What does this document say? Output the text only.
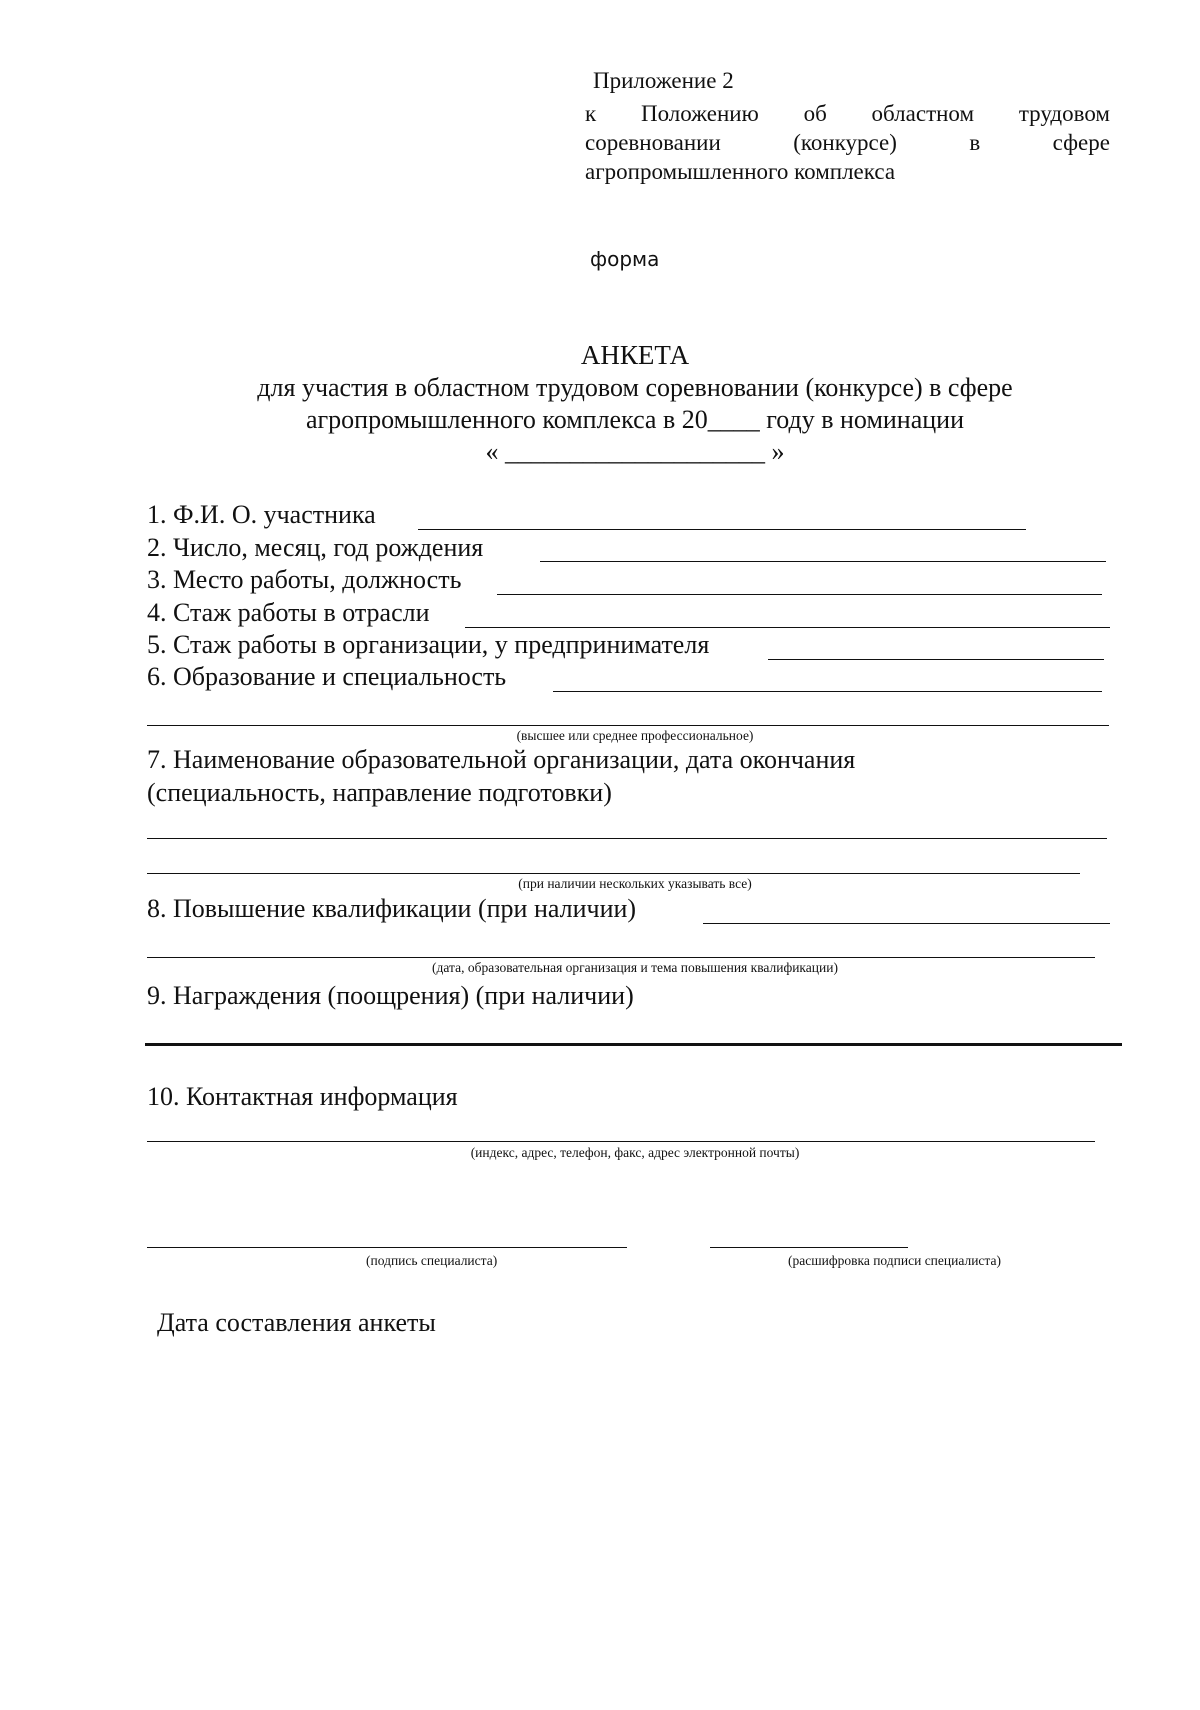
Приложение 2
к Положению об областном трудовом
соревновании	(конкурсе)	в	сфере
агропромышленного комплекса
форма
АНКЕТА
для участия в областном трудовом соревновании (конкурсе) в сфере
агропромышленного комплекса в 20____ году в номинации
« ____________________ »
1. Ф.И. О. участника
2. Число, месяц, год рождения
3. Место работы, должность
4. Стаж работы в отрасли
5. Стаж работы в организации, у предпринимателя
6. Образование и специальность
(высшее или среднее профессиональное)
7. Наименование образовательной организации, дата окончания
(специальность, направление подготовки)
(при наличии нескольких указывать все)
8. Повышение квалификации (при наличии)
(дата, образовательная организация и тема повышения квалификации)
9. Награждения (поощрения) (при наличии)
10. Контактная информация
(индекс, адрес, телефон, факс, адрес электронной почты)
(подпись специалиста)	(расшифровка подписи специалиста)
Дата составления анкеты
